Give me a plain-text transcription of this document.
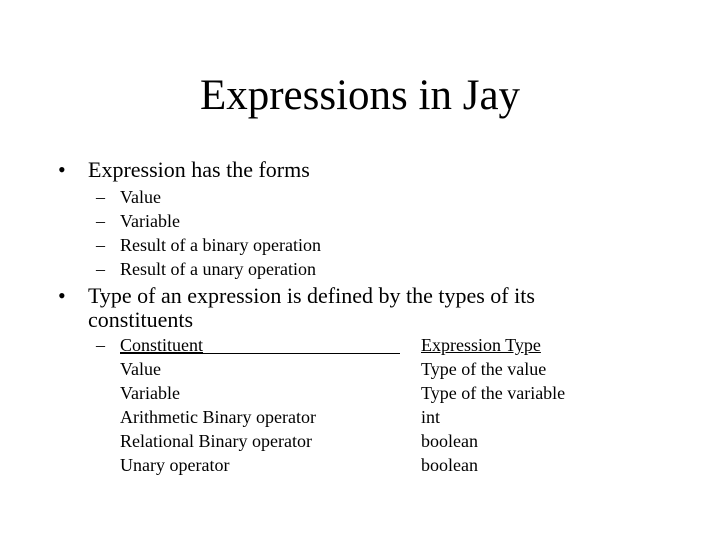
Expressions in Jay
• Expression has the forms
– Value
– Variable
– Result of a binary operation
– Result of a unary operation
• Type of an expression is defined by the types of its
constituents
– Constituent
Value
Variable
Arithmetic Binary operator
Relational Binary operator
Unary operator
Expression Type
Type of the value
Type of the variable
int
boolean
boolean
